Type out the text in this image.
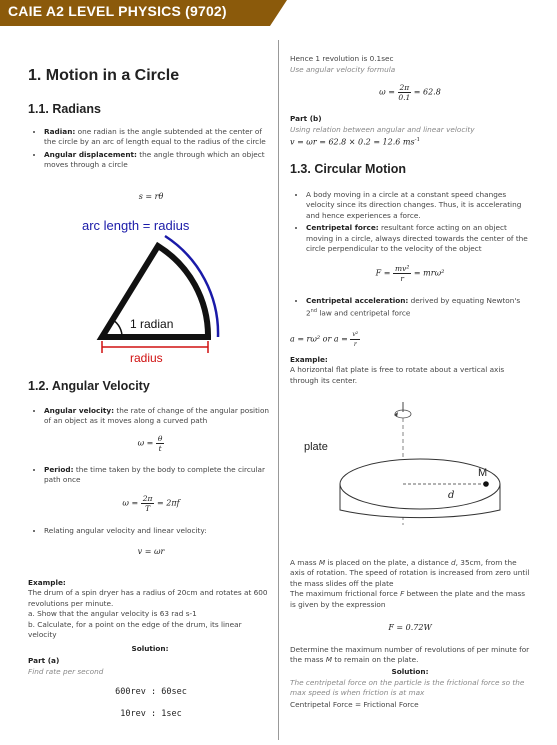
CAIE A2 LEVEL PHYSICS (9702)
1. Motion in a Circle
1.1. Radians
• Radian: one radian is the angle subtended at the center of the circle by an arc of length equal to the radius of the circle
• Angular displacement: the angle through which an object moves through a circle
s = rθ
arc length = radius
1 radian
radius
1.2. Angular Velocity
• Angular velocity: the rate of change of the angular position of an object as it moves along a curved path
$\omega = \frac{\theta}{t}$
• Period: the time taken by the body to complete the circular path once
$\omega = \frac{2\pi}{T} = 2\pi f$
• Relating angular velocity and linear velocity:
v = ωr
Example:
The drum of a spin dryer has a radius of 20cm and rotates at 600 revolutions per minute.
a. Show that the angular velocity is 63 rad s-1
b. Calculate, for a point on the edge of the drum, its linear velocity
Solution:
Part (a)
Find rate per second
600rev : 60sec
10rev : 1sec
Hence 1 revolution is 0.1sec
Use angular velocity formula
$\omega = \frac{2\pi}{0.1} = 62.8$
Part (b)
Using relation between angular and linear velocity
v = ωr = 62.8 × 0.2 = 12.6 $ms^{-1}$
1.3. Circular Motion
• A body moving in a circle at a constant speed changes velocity since its direction changes. Thus, it is accelerating and hence experiences a force.
• Centripetal force: resultant force acting on an object moving in a circle, always directed towards the center of the circle perpendicular to the velocity of the object
$F = \frac{\text{mv²}}{r} = mr\omega^2$
• Centripetal acceleration: derived by equating Newton's 2nd law and centripetal force
a = rω² or $a = \frac{\text{v²}}{r}$
Example:
A horizontal flat plate is free to rotate about a vertical axis through its center.
plate
M
d
A mass M is placed on the plate, a distance d, 35cm, from the axis of rotation. The speed of rotation is increased from zero until the mass slides off the plate
The maximum frictional force F between the plate and the mass is given by the expression
F = 0.72W
Determine the maximum number of revolutions of per minute for the mass M to remain on the plate.
Solution:
The centripetal force on the particle is the frictional force so the max speed is when friction is at max
Centripetal Force = Frictional Force
